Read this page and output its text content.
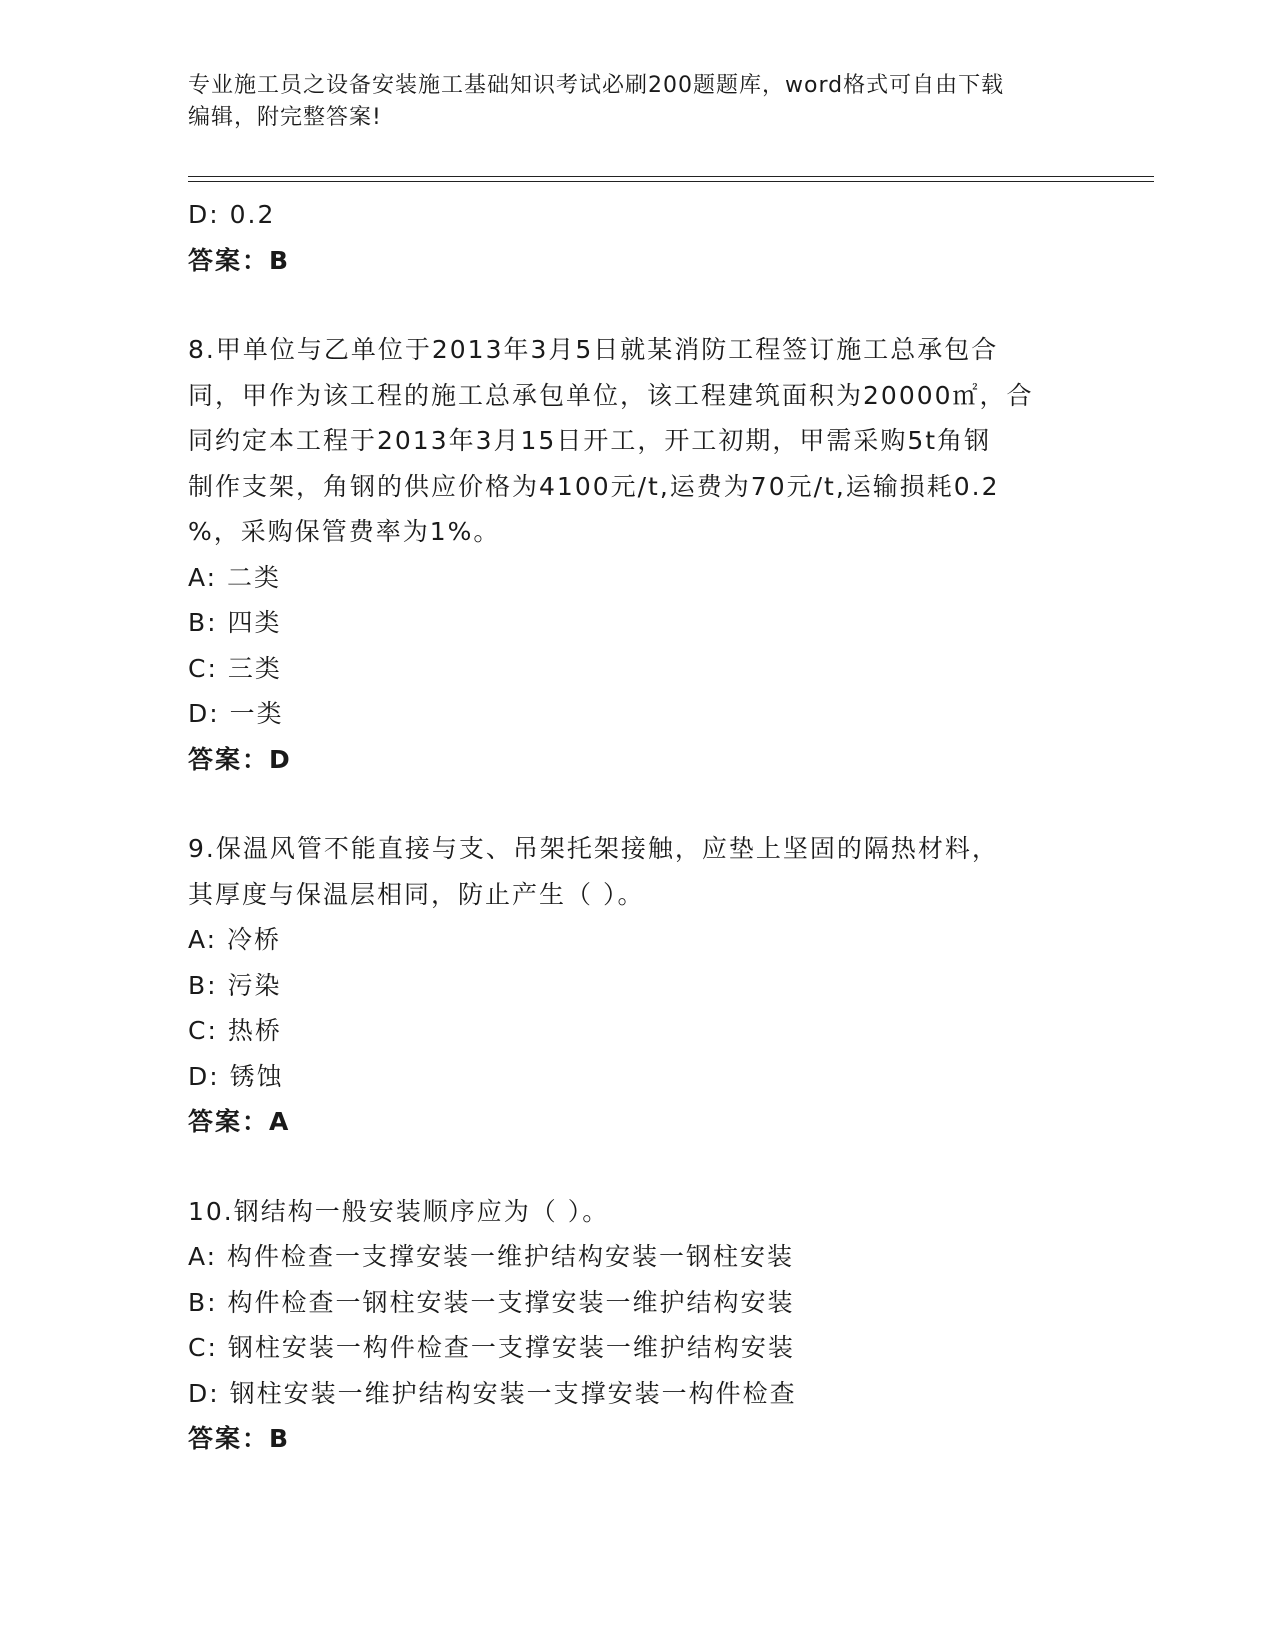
专业施工员之设备安装施工基础知识考试必刷200题题库，word格式可自由下载
编辑，附完整答案!
D: 0.2
答案：B
8.甲单位与乙单位于2013年3月5日就某消防工程签订施工总承包合
同，甲作为该工程的施工总承包单位，该工程建筑面积为20000㎡，合
同约定本工程于2013年3月15日开工，开工初期，甲需采购5t角钢
制作支架，角钢的供应价格为4100元/t,运费为70元/t,运输损耗0.2
%，采购保管费率为1%。
A: 二类
B: 四类
C: 三类
D: 一类
答案：D
9.保温风管不能直接与支、吊架托架接触，应垫上坚固的隔热材料，
其厚度与保温层相同，防止产生（ ）。
A: 冷桥
B: 污染
C: 热桥
D: 锈蚀
答案：A
10.钢结构一般安装顺序应为（ ）。
A: 构件检查一支撑安装一维护结构安装一钢柱安装
B: 构件检查一钢柱安装一支撑安装一维护结构安装
C: 钢柱安装一构件检查一支撑安装一维护结构安装
D: 钢柱安装一维护结构安装一支撑安装一构件检查
答案：B
